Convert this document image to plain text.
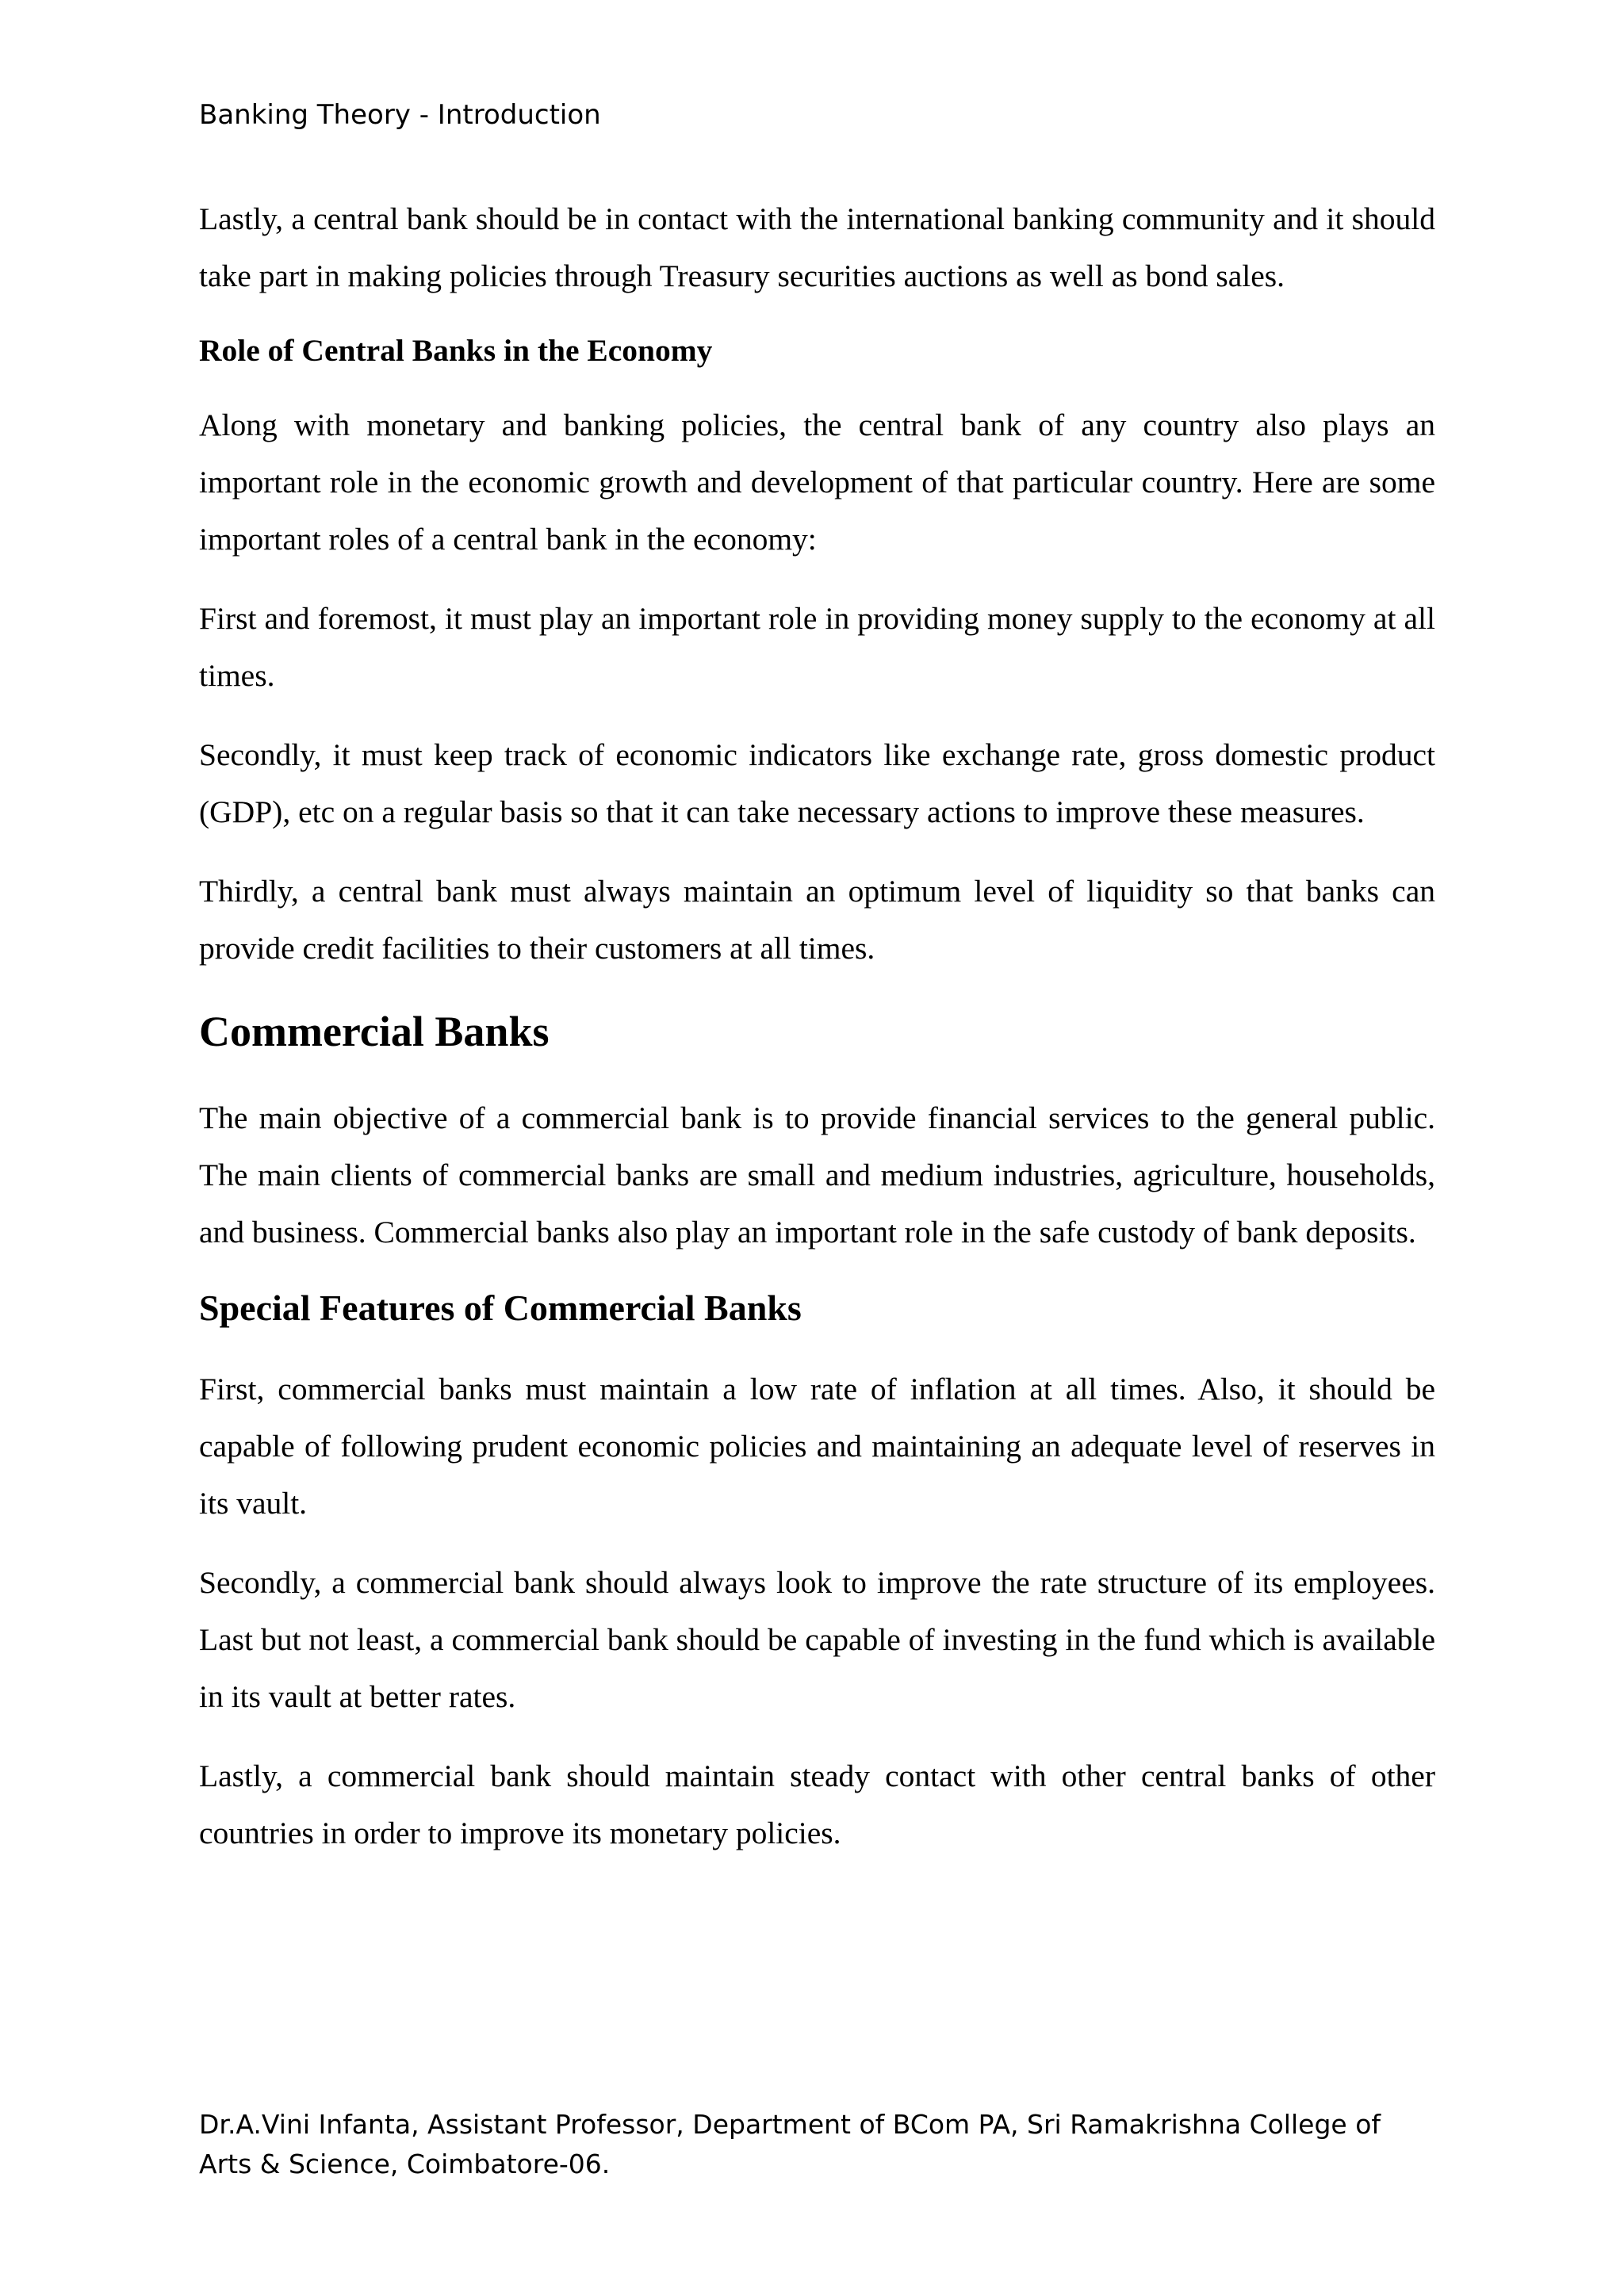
Banking Theory - Introduction

Lastly, a central bank should be in contact with the international banking community and it should take part in making policies through Treasury securities auctions as well as bond sales.

Role of Central Banks in the Economy

Along with monetary and banking policies, the central bank of any country also plays an important role in the economic growth and development of that particular country. Here are some important roles of a central bank in the economy:

First and foremost, it must play an important role in providing money supply to the economy at all times.

Secondly, it must keep track of economic indicators like exchange rate, gross domestic product (GDP), etc on a regular basis so that it can take necessary actions to improve these measures.

Thirdly, a central bank must always maintain an optimum level of liquidity so that banks can provide credit facilities to their customers at all times.

Commercial Banks

The main objective of a commercial bank is to provide financial services to the general public. The main clients of commercial banks are small and medium industries, agriculture, households, and business. Commercial banks also play an important role in the safe custody of bank deposits.

Special Features of Commercial Banks

First, commercial banks must maintain a low rate of inflation at all times. Also, it should be capable of following prudent economic policies and maintaining an adequate level of reserves in its vault.

Secondly, a commercial bank should always look to improve the rate structure of its employees. Last but not least, a commercial bank should be capable of investing in the fund which is available in its vault at better rates.

Lastly, a commercial bank should maintain steady contact with other central banks of other countries in order to improve its monetary policies.

Dr.A.Vini Infanta, Assistant Professor, Department of BCom PA, Sri Ramakrishna College of Arts & Science, Coimbatore-06.
